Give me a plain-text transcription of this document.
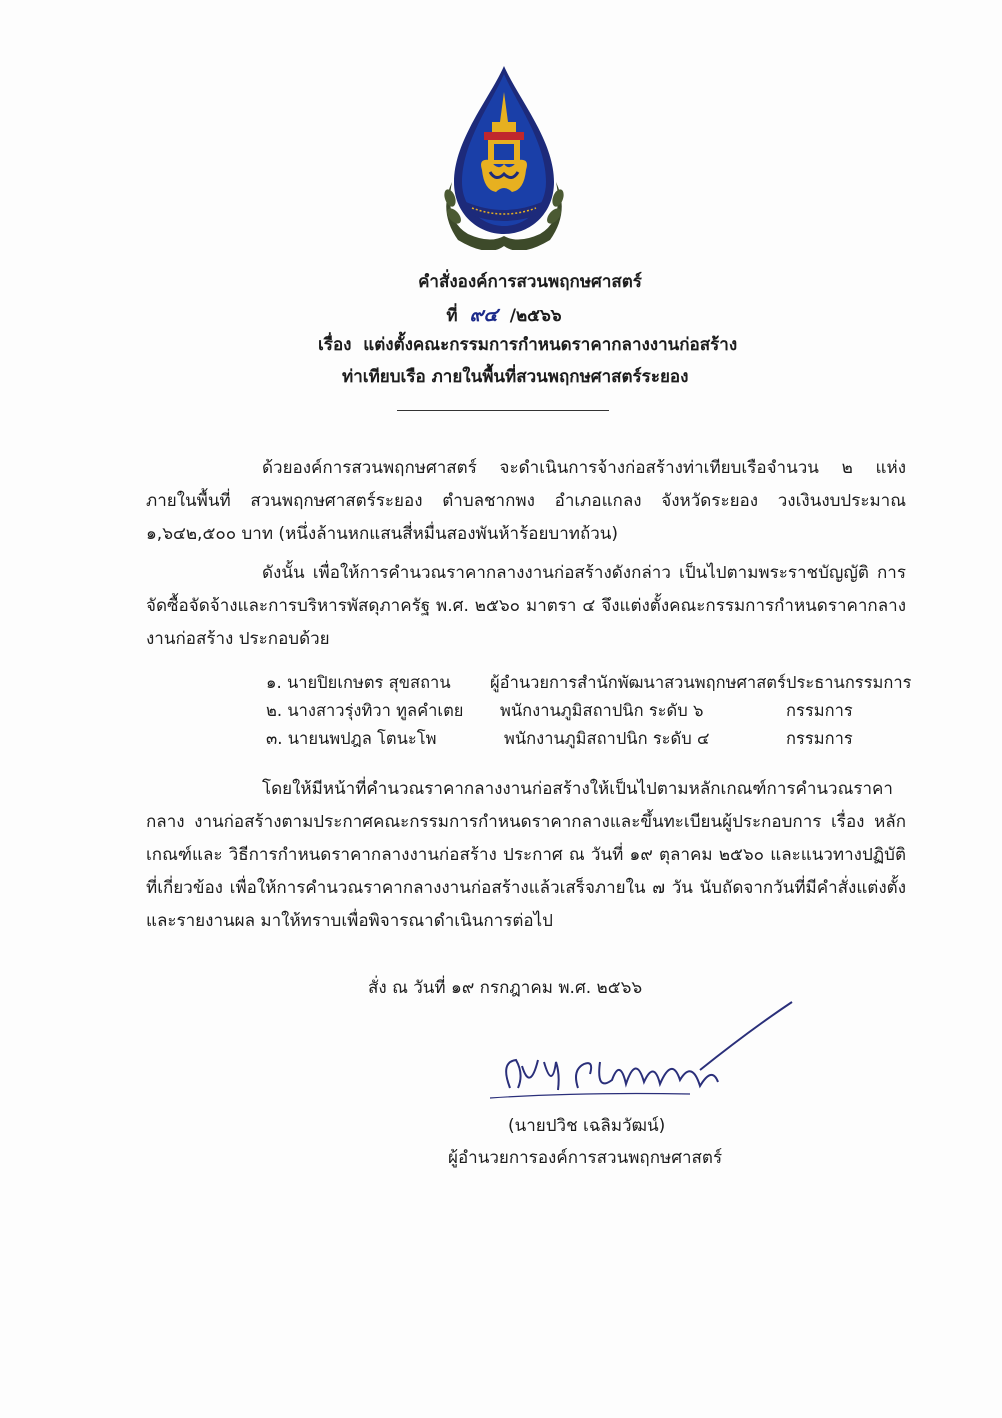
คำสั่งองค์การสวนพฤกษศาสตร์
ที่ ๙๔ /๒๕๖๖
เรื่อง แต่งตั้งคณะกรรมการกำหนดราคากลางงานก่อสร้าง
ท่าเทียบเรือ ภายในพื้นที่สวนพฤกษศาสตร์ระยอง
ด้วยองค์การสวนพฤกษศาสตร์ จะดำเนินการจ้างก่อสร้างท่าเทียบเรือจำนวน ๒ แห่ง ภายในพื้นที่ สวนพฤกษศาสตร์ระยอง ตำบลชากพง อำเภอแกลง จังหวัดระยอง วงเงินงบประมาณ ๑,๖๔๒,๕๐๐ บาท (หนึ่งล้านหกแสนสี่หมื่นสองพันห้าร้อยบาทถ้วน)
ดังนั้น เพื่อให้การคำนวณราคากลางงานก่อสร้างดังกล่าว เป็นไปตามพระราชบัญญัติ การจัดซื้อจัดจ้างและการบริหารพัสดุภาครัฐ พ.ศ. ๒๕๖๐ มาตรา ๔ จึงแต่งตั้งคณะกรรมการกำหนดราคากลาง งานก่อสร้าง ประกอบด้วย
๑. นายปิยเกษตร สุขสถาน ผู้อำนวยการสำนักพัฒนาสวนพฤกษศาสตร์ ประธานกรรมการ
๒. นางสาวรุ่งทิวา ทูลคำเตย พนักงานภูมิสถาปนิก ระดับ ๖	กรรมการ
๓. นายนพปฎล โตนะโพ	พนักงานภูมิสถาปนิก ระดับ ๔	กรรมการ
โดยให้มีหน้าที่คำนวณราคากลางงานก่อสร้างให้เป็นไปตามหลักเกณฑ์การคำนวณราคากลาง งานก่อสร้างตามประกาศคณะกรรมการกำหนดราคากลางและขึ้นทะเบียนผู้ประกอบการ เรื่อง หลักเกณฑ์และ วิธีการกำหนดราคากลางงานก่อสร้าง ประกาศ ณ วันที่ ๑๙ ตุลาคม ๒๕๖๐ และแนวทางปฏิบัติที่เกี่ยวข้อง เพื่อให้การคำนวณราคากลางงานก่อสร้างแล้วเสร็จภายใน ๗ วัน นับถัดจากวันที่มีคำสั่งแต่งตั้ง และรายงานผล มาให้ทราบเพื่อพิจารณาดำเนินการต่อไป
สั่ง ณ วันที่ ๑๙ กรกฎาคม พ.ศ. ๒๕๖๖
(นายปวิช เฉลิมวัฒน์)
ผู้อำนวยการองค์การสวนพฤกษศาสตร์
